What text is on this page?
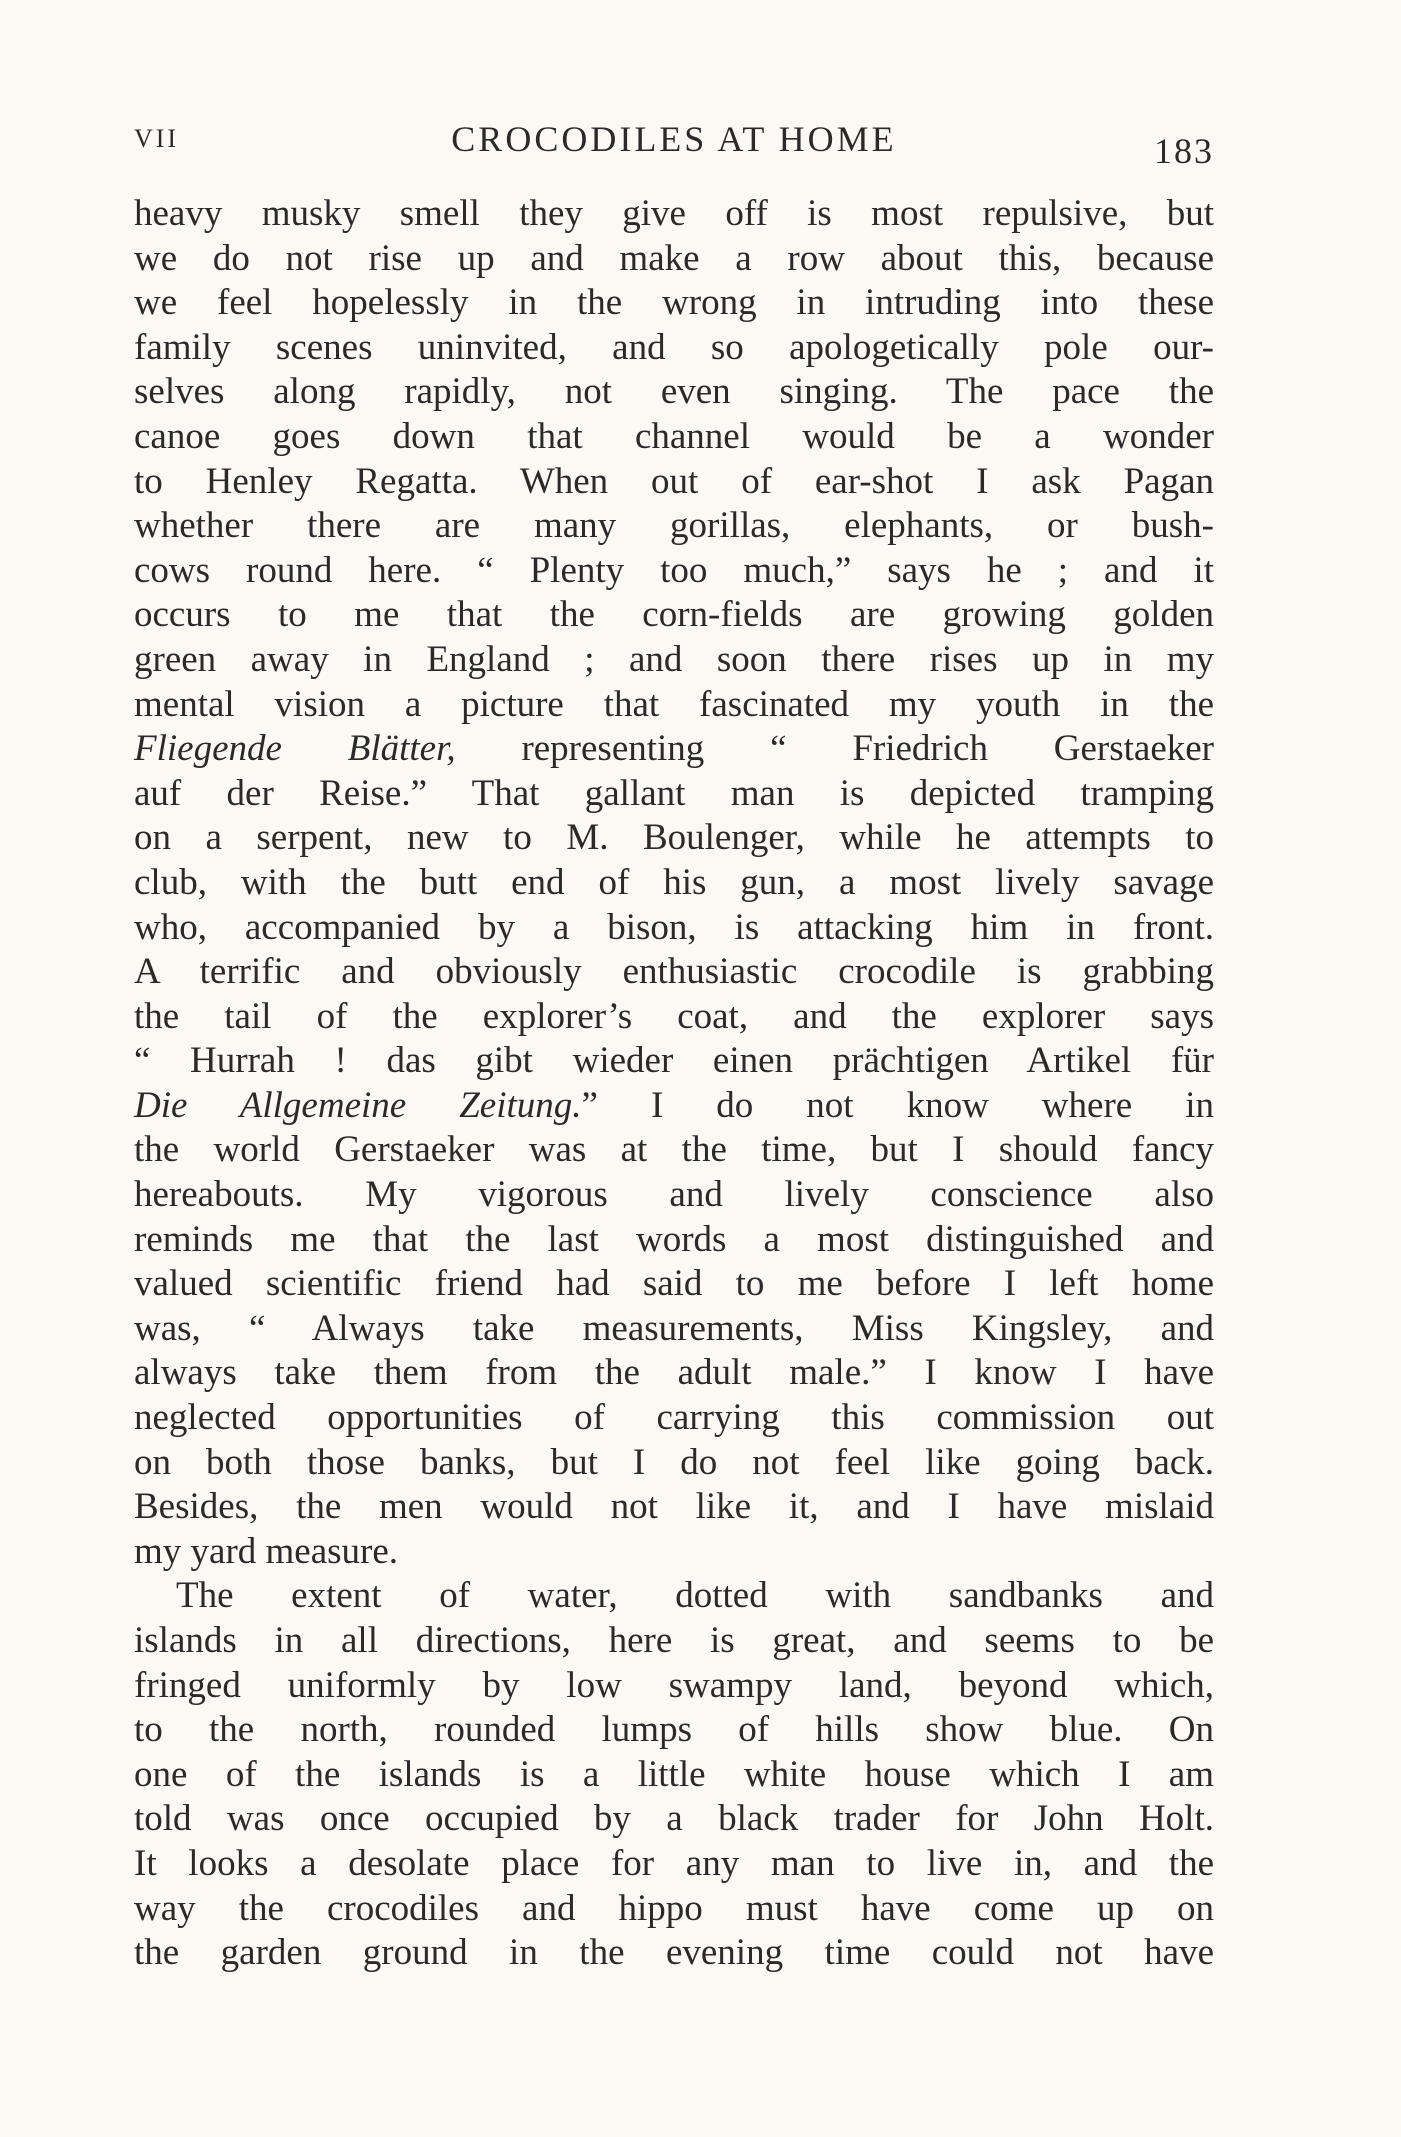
VII	CROCODILES AT HOME	183
heavy musky smell they give off is most repulsive, but
we do not rise up and make a row about this, because
we feel hopelessly in the wrong in intruding into these
family scenes uninvited, and so apologetically pole our-
selves along rapidly, not even singing. The pace the
canoe goes down that channel would be a wonder
to Henley Regatta. When out of ear-shot I ask Pagan
whether there are many gorillas, elephants, or bush-
cows round here. “ Plenty too much,” says he ; and it
occurs to me that the corn-fields are growing golden
green away in England ; and soon there rises up in my
mental vision a picture that fascinated my youth in the
Fliegende Blätter, representing “ Friedrich Gerstaeker
auf der Reise.” That gallant man is depicted tramping
on a serpent, new to M. Boulenger, while he attempts to
club, with the butt end of his gun, a most lively savage
who, accompanied by a bison, is attacking him in front.
A terrific and obviously enthusiastic crocodile is grabbing
the tail of the explorer’s coat, and the explorer says
“ Hurrah ! das gibt wieder einen prächtigen Artikel für
Die Allgemeine Zeitung.” I do not know where in
the world Gerstaeker was at the time, but I should fancy
hereabouts. My vigorous and lively conscience also
reminds me that the last words a most distinguished and
valued scientific friend had said to me before I left home
was, “ Always take measurements, Miss Kingsley, and
always take them from the adult male.” I know I have
neglected opportunities of carrying this commission out
on both those banks, but I do not feel like going back.
Besides, the men would not like it, and I have mislaid
my yard measure.
The extent of water, dotted with sandbanks and
islands in all directions, here is great, and seems to be
fringed uniformly by low swampy land, beyond which,
to the north, rounded lumps of hills show blue. On
one of the islands is a little white house which I am
told was once occupied by a black trader for John Holt.
It looks a desolate place for any man to live in, and the
way the crocodiles and hippo must have come up on
the garden ground in the evening time could not have
